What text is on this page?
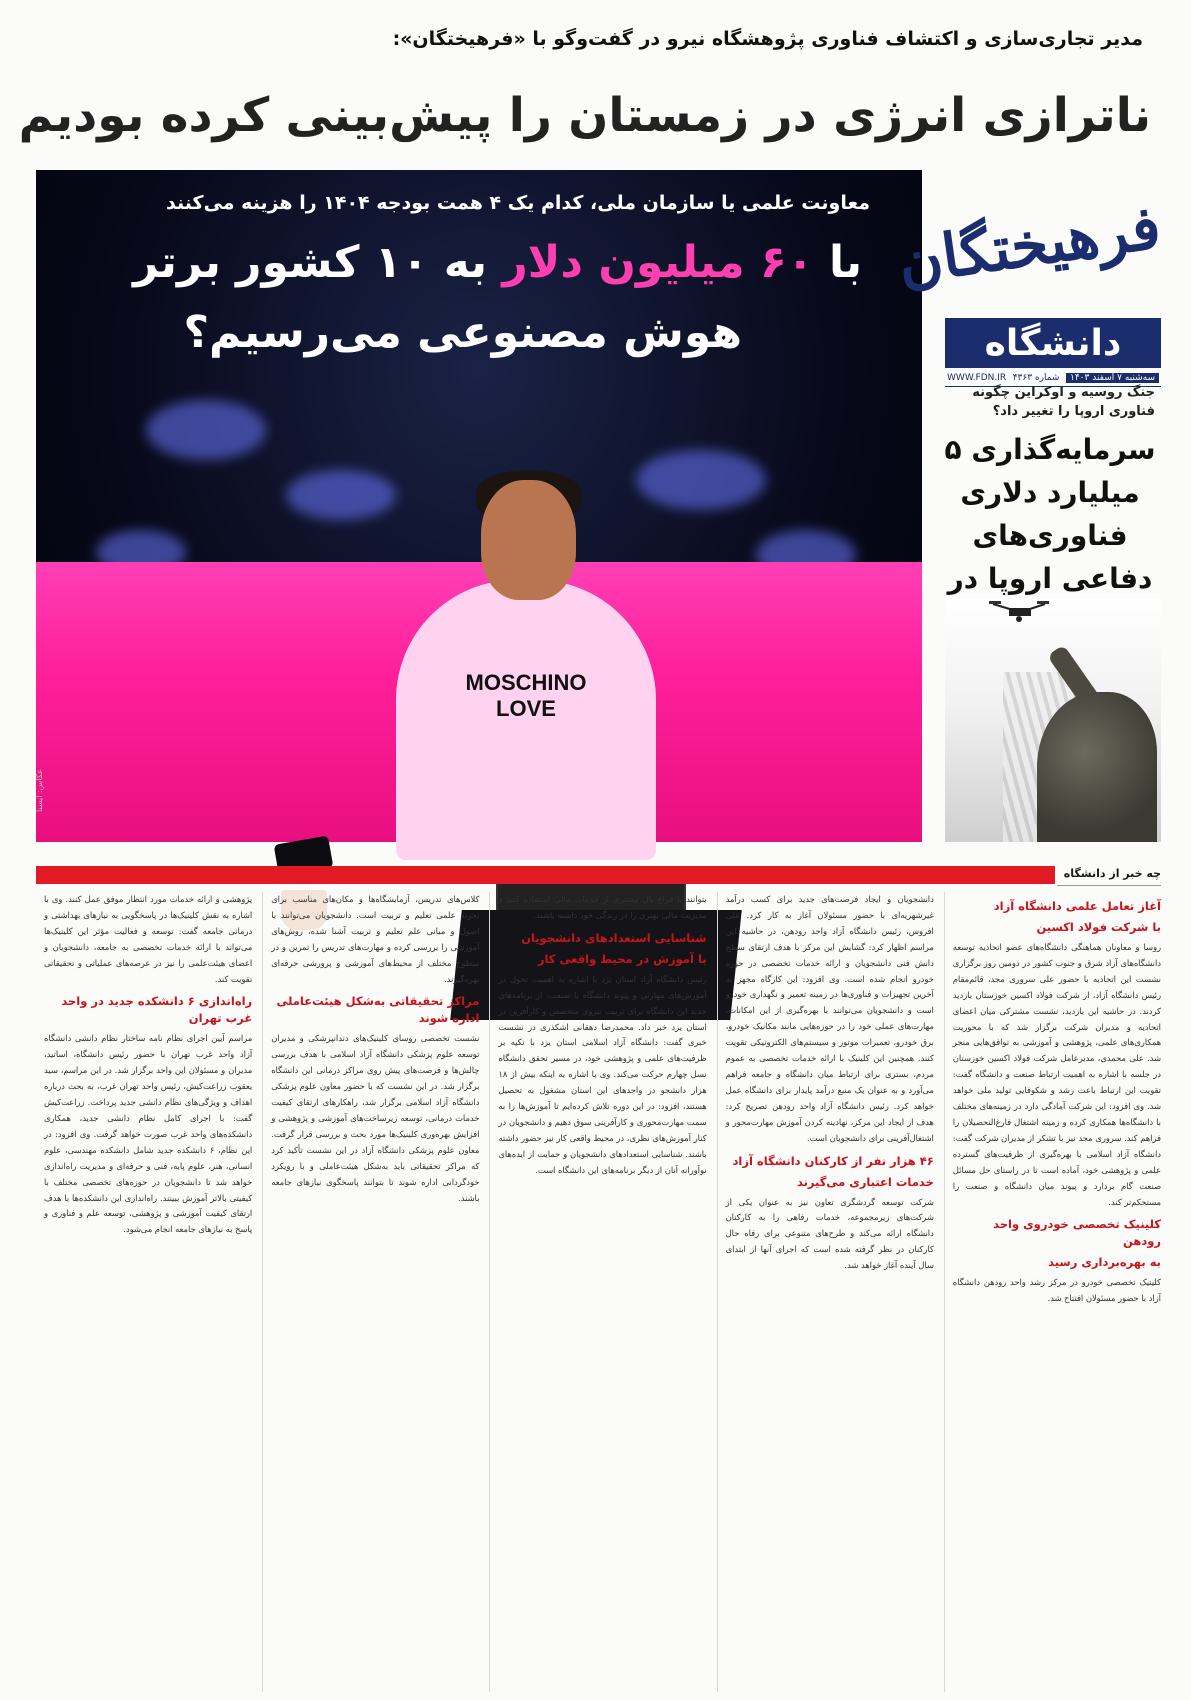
مدیر تجاری‌سازی و اکتشاف فناوری پژوهشگاه نیرو در گفت‌وگو با «فرهیختگان»:
ناترازی انرژی در زمستان را پیش‌بینی کرده بودیم
MOSCHINO LOVE
معاونت علمی یا سازمان ملی، کدام یک ۴ همت بودجه ۱۴۰۴ را هزینه می‌کنند
با ۶۰ میلیون دلار به ۱۰ کشور برتر
هوش مصنوعی می‌رسیم؟
عکاس: ایسنا
فرهیختگان
دانشگاه
سه‌شنبه ۷ اسفند ۱۴۰۳
شماره ۴۳۶۳
WWW.FDN.IR
جنگ روسیه و اوکراین چگونه فناوری اروپا را تغییر داد؟
سرمایه‌گذاری ۵ میلیارد دلاری فناوری‌های دفاعی اروپا در
چه خبر از دانشگاه
آغاز تعامل علمی دانشگاه آزاد
با شرکت فولاد اکسین

روسا و معاونان هماهنگی دانشگاه‌های عضو اتحادیه توسعه دانشگاه‌های آزاد شرق و جنوب کشور در دومین روز برگزاری نشست این اتحادیه با حضور علی سروری مجد، قائم‌مقام رئیس دانشگاه آزاد، از شرکت فولاد اکسین خوزستان بازدید کردند. در حاشیه این بازدید، نشست مشترکی میان اعضای اتحادیه و مدیران شرکت برگزار شد که با محوریت همکاری‌های علمی، پژوهشی و آموزشی به توافق‌هایی منجر شد. علی محمدی، مدیرعامل شرکت فولاد اکسین خوزستان در جلسه با اشاره به اهمیت ارتباط صنعت و دانشگاه گفت: تقویت این ارتباط باعث رشد و شکوفایی تولید ملی خواهد شد. وی افزود: این شرکت آمادگی دارد در زمینه‌های مختلف با دانشگاه‌ها همکاری کرده و زمینه اشتغال فارغ‌التحصیلان را فراهم کند. سروری مجد نیز با تشکر از مدیران شرکت گفت: دانشگاه آزاد اسلامی با بهره‌گیری از ظرفیت‌های گسترده علمی و پژوهشی خود، آماده است تا در راستای حل مسائل صنعت گام بردارد و پیوند میان دانشگاه و صنعت را مستحکم‌تر کند.

کلینیک تخصصی خودروی واحد رودهن
به بهره‌برداری رسید

کلینیک تخصصی خودرو در مرکز رشد واحد رودهن دانشگاه آزاد با حضور مسئولان افتتاح شد.

دانشجویان و ایجاد فرصت‌های جدید برای کسب درآمد غیرشهریه‌ای با حضور مسئولان آغاز به کار کرد. علی افروس، رئیس دانشگاه آزاد واحد رودهن، در حاشیه این مراسم اظهار کرد: گشایش این مرکز با هدف ارتقای سطح دانش فنی دانشجویان و ارائه خدمات تخصصی در حوزه خودرو انجام شده است. وی افزود: این کارگاه مجهز به آخرین تجهیزات و فناوری‌ها در زمینه تعمیر و نگهداری خودرو است و دانشجویان می‌توانند با بهره‌گیری از این امکانات، مهارت‌های عملی خود را در حوزه‌هایی مانند مکانیک خودرو، برق خودرو، تعمیرات موتور و سیستم‌های الکترونیکی تقویت کنند. همچنین این کلینیک با ارائه خدمات تخصصی به عموم مردم، بستری برای ارتباط میان دانشگاه و جامعه فراهم می‌آورد و به عنوان یک منبع درآمد پایدار برای دانشگاه عمل خواهد کرد. رئیس دانشگاه آزاد واحد رودهن تصریح کرد: هدف از ایجاد این مرکز، نهادینه کردن آموزش مهارت‌محور و اشتغال‌آفرینی برای دانشجویان است.

۴۶ هزار نفر از کارکنان دانشگاه آزاد
خدمات اعتباری می‌گیرند

شرکت توسعه گردشگری تعاون نیز به عنوان یکی از شرکت‌های زیرمجموعه، خدمات رفاهی را به کارکنان دانشگاه ارائه می‌کند و طرح‌های متنوعی برای رفاه حال کارکنان در نظر گرفته شده است که اجرای آنها از ابتدای سال آینده آغاز خواهد شد.

بتوانند با فراغ بال بیشتری از خدمات مالی استفاده کنند و مدیریت مالی بهتری را در زندگی خود داشته باشند.

شناسایی استعدادهای دانشجویان
با آموزش در محیط واقعی کار

رئیس دانشگاه آزاد استان یزد با اشاره به اهمیت تحول در آموزش‌های مهارتی و پیوند دانشگاه با صنعت، از برنامه‌های جدید این دانشگاه برای تربیت نیروی متخصص و کارآفرین در استان یزد خبر داد. محمدرضا دهقانی اشکذری در نشست خبری گفت: دانشگاه آزاد اسلامی استان یزد با تکیه بر ظرفیت‌های علمی و پژوهشی خود، در مسیر تحقق دانشگاه نسل چهارم حرکت می‌کند. وی با اشاره به اینکه بیش از ۱۸ هزار دانشجو در واحدهای این استان مشغول به تحصیل هستند، افزود: در این دوره تلاش کرده‌ایم تا آموزش‌ها را به سمت مهارت‌محوری و کارآفرینی سوق دهیم و دانشجویان در کنار آموزش‌های نظری، در محیط واقعی کار نیز حضور داشته باشند. شناسایی استعدادهای دانشجویان و حمایت از ایده‌های نوآورانه آنان از دیگر برنامه‌های این دانشگاه است.

کلاس‌های تدریس، آزمایشگاه‌ها و مکان‌های مناسب برای تجربه علمی تعلیم و تربیت است. دانشجویان می‌توانند با اصول و مبانی علم تعلیم و تربیت آشنا شده، روش‌های آموزشی را بررسی کرده و مهارت‌های تدریس را تمرین و در سطوح مختلف از محیط‌های آموزشی و پرورشی حرفه‌ای بهره‌گیرند.

مراکز تحقیقاتی به‌شکل هیئت‌عاملی اداره شوند

نشست تخصصی روسای کلینیک‌های دندانپزشکی و مدیران توسعه علوم پزشکی دانشگاه آزاد اسلامی با هدف بررسی چالش‌ها و فرصت‌های پیش روی مراکز درمانی این دانشگاه برگزار شد. در این نشست که با حضور معاون علوم پزشکی دانشگاه آزاد اسلامی برگزار شد، راهکارهای ارتقای کیفیت خدمات درمانی، توسعه زیرساخت‌های آموزشی و پژوهشی و افزایش بهره‌وری کلینیک‌ها مورد بحث و بررسی قرار گرفت. معاون علوم پزشکی دانشگاه آزاد در این نشست تأکید کرد که مراکز تحقیقاتی باید به‌شکل هیئت‌عاملی و با رویکرد خودگردانی اداره شوند تا بتوانند پاسخگوی نیازهای جامعه باشند.

پژوهشی و ارائه خدمات مورد انتظار موفق عمل کنند. وی با اشاره به نقش کلینیک‌ها در پاسخگویی به نیازهای بهداشتی و درمانی جامعه گفت: توسعه و فعالیت مؤثر این کلینیک‌ها می‌تواند با ارائه خدمات تخصصی به جامعه، دانشجویان و اعضای هیئت‌علمی را نیز در عرصه‌های عملیاتی و تحقیقاتی تقویت کند.

راه‌اندازی ۶ دانشکده جدید در واحد غرب تهران

مراسم آیین اجرای نظام نامه ساختار نظام دانشی دانشگاه آزاد واحد غرب تهران با حضور رئیس دانشگاه، اساتید، مدیران و مسئولان این واحد برگزار شد. در این مراسم، سید یعقوب زراعت‌کیش، رئیس واحد تهران غرب، به بحث درباره اهداف و ویژگی‌های نظام دانشی جدید پرداخت. زراعت‌کیش گفت: با اجرای کامل نظام دانشی جدید، همکاری دانشکده‌های واحد غرب صورت خواهد گرفت. وی افزود: در این نظام، ۶ دانشکده جدید شامل دانشکده مهندسی، علوم انسانی، هنر، علوم پایه، فنی و حرفه‌ای و مدیریت راه‌اندازی خواهد شد تا دانشجویان در حوزه‌های تخصصی مختلف با کیفیتی بالاتر آموزش ببینند. راه‌اندازی این دانشکده‌ها با هدف ارتقای کیفیت آموزشی و پژوهشی، توسعه علم و فناوری و پاسخ به نیازهای جامعه انجام می‌شود.
